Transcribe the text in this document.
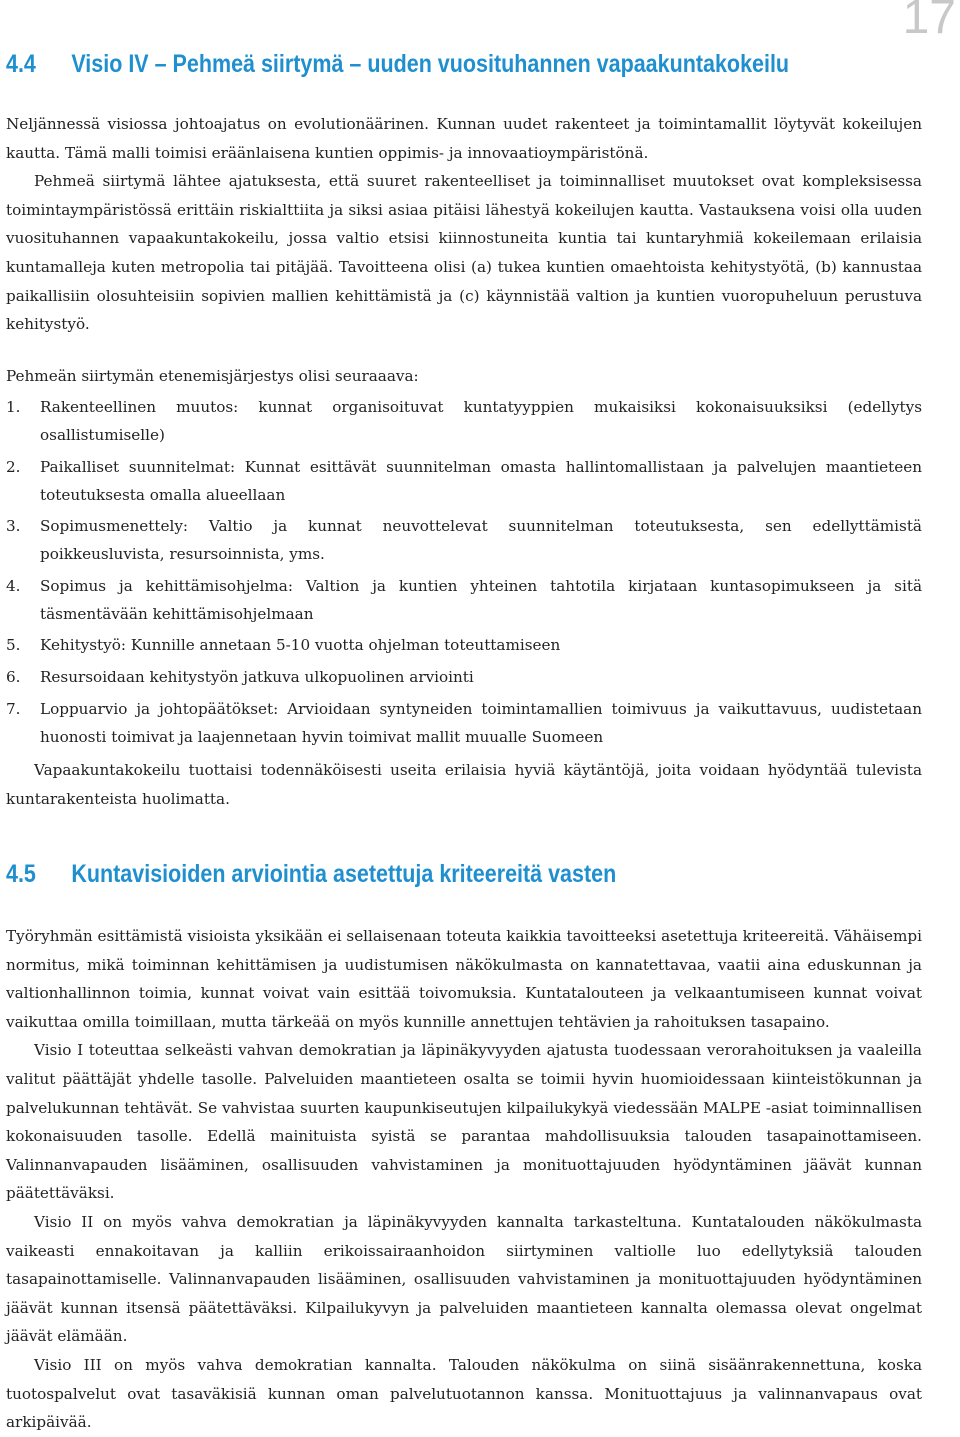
17
4.4 Visio IV – Pehmeä siirtymä – uuden vuosituhannen vapaakuntakokeilu

Neljännessä visiossa johtoajatus on evolutionäärinen. Kunnan uudet rakenteet ja toimintamallit löytyvät kokeilujen kautta. Tämä malli toimisi eräänlaisena kuntien oppimis- ja innovaatioympäristönä.

Pehmeä siirtymä lähtee ajatuksesta, että suuret rakenteelliset ja toiminnalliset muutokset ovat kompleksisessa toimintaympäristössä erittäin riskialttiita ja siksi asiaa pitäisi lähestyä kokeilujen kautta. Vastauksena voisi olla uuden vuosituhannen vapaakuntakokeilu, jossa valtio etsisi kiinnostuneita kuntia tai kuntaryhmiä kokeilemaan erilaisia kuntamalleja kuten metropolia tai pitäjää. Tavoitteena olisi (a) tukea kuntien omaehtoista kehitystyötä, (b) kannustaa paikallisiin olosuhteisiin sopivien mallien kehittämistä ja (c) käynnistää valtion ja kuntien vuoropuheluun perustuva kehitystyö.

Pehmeän siirtymän etenemisjärjestys olisi seuraaava:

1. Rakenteellinen muutos: kunnat organisoituvat kuntatyyppien mukaisiksi kokonaisuuksiksi (edellytys osallistumiselle)
2. Paikalliset suunnitelmat: Kunnat esittävät suunnitelman omasta hallintomallistaan ja palvelujen maantieteen toteutuksesta omalla alueellaan
3. Sopimusmenettely: Valtio ja kunnat neuvottelevat suunnitelman toteutuksesta, sen edellyttämistä poikkeusluvista, resursoinnista, yms.
4. Sopimus ja kehittämisohjelma: Valtion ja kuntien yhteinen tahtotila kirjataan kuntasopimukseen ja sitä täsmentävään kehittämisohjelmaan
5. Kehitystyö: Kunnille annetaan 5-10 vuotta ohjelman toteuttamiseen
6. Resursoidaan kehitystyön jatkuva ulkopuolinen arviointi
7. Loppuarvio ja johtopäätökset: Arvioidaan syntyneiden toimintamallien toimivuus ja vaikuttavuus, uudistetaan huonosti toimivat ja laajennetaan hyvin toimivat mallit muualle Suomeen

Vapaakuntakokeilu tuottaisi todennäköisesti useita erilaisia hyviä käytäntöjä, joita voidaan hyödyntää tulevista kuntarakenteista huolimatta.

4.5 Kuntavisioiden arviointia asetettuja kriteereitä vasten

Työryhmän esittämistä visioista yksikään ei sellaisenaan toteuta kaikkia tavoitteeksi asetettuja kriteereitä. Vähäisempi normitus, mikä toiminnan kehittämisen ja uudistumisen näkökulmasta on kannatettavaa, vaatii aina eduskunnan ja valtionhallinnon toimia, kunnat voivat vain esittää toivomuksia. Kuntatalouteen ja velkaantumiseen kunnat voivat vaikuttaa omilla toimillaan, mutta tärkeää on myös kunnille annettujen tehtävien ja rahoituksen tasapaino.

Visio I toteuttaa selkeästi vahvan demokratian ja läpinäkyvyyden ajatusta tuodessaan verorahoituksen ja vaaleilla valitut päättäjät yhdelle tasolle. Palveluiden maantieteen osalta se toimii hyvin huomioidessaan kiinteistökunnan ja palvelukunnan tehtävät. Se vahvistaa suurten kaupunkiseutujen kilpailukykyä viedessään MALPE -asiat toiminnallisen kokonaisuuden tasolle. Edellä mainituista syistä se parantaa mahdollisuuksia talouden tasapainottamiseen. Valinnanvapauden lisääminen, osallisuuden vahvistaminen ja monituottajuuden hyödyntäminen jäävät kunnan päätettäväksi.

Visio II on myös vahva demokratian ja läpinäkyvyyden kannalta tarkasteltuna. Kuntatalouden näkökulmasta vaikeasti ennakoitavan ja kalliin erikoissairaanhoidon siirtyminen valtiolle luo edellytyksiä talouden tasapainottamiselle. Valinnanvapauden lisääminen, osallisuuden vahvistaminen ja monituottajuuden hyödyntäminen jäävät kunnan itsensä päätettäväksi. Kilpailukyvyn ja palveluiden maantieteen kannalta olemassa olevat ongelmat jäävät elämään.

Visio III on myös vahva demokratian kannalta. Talouden näkökulma on siinä sisäänrakennettuna, koska tuotospalvelut ovat tasaväkisiä kunnan oman palvelutuotannon kanssa. Monituottajuus ja valinnanvapaus ovat arkipäivää.
